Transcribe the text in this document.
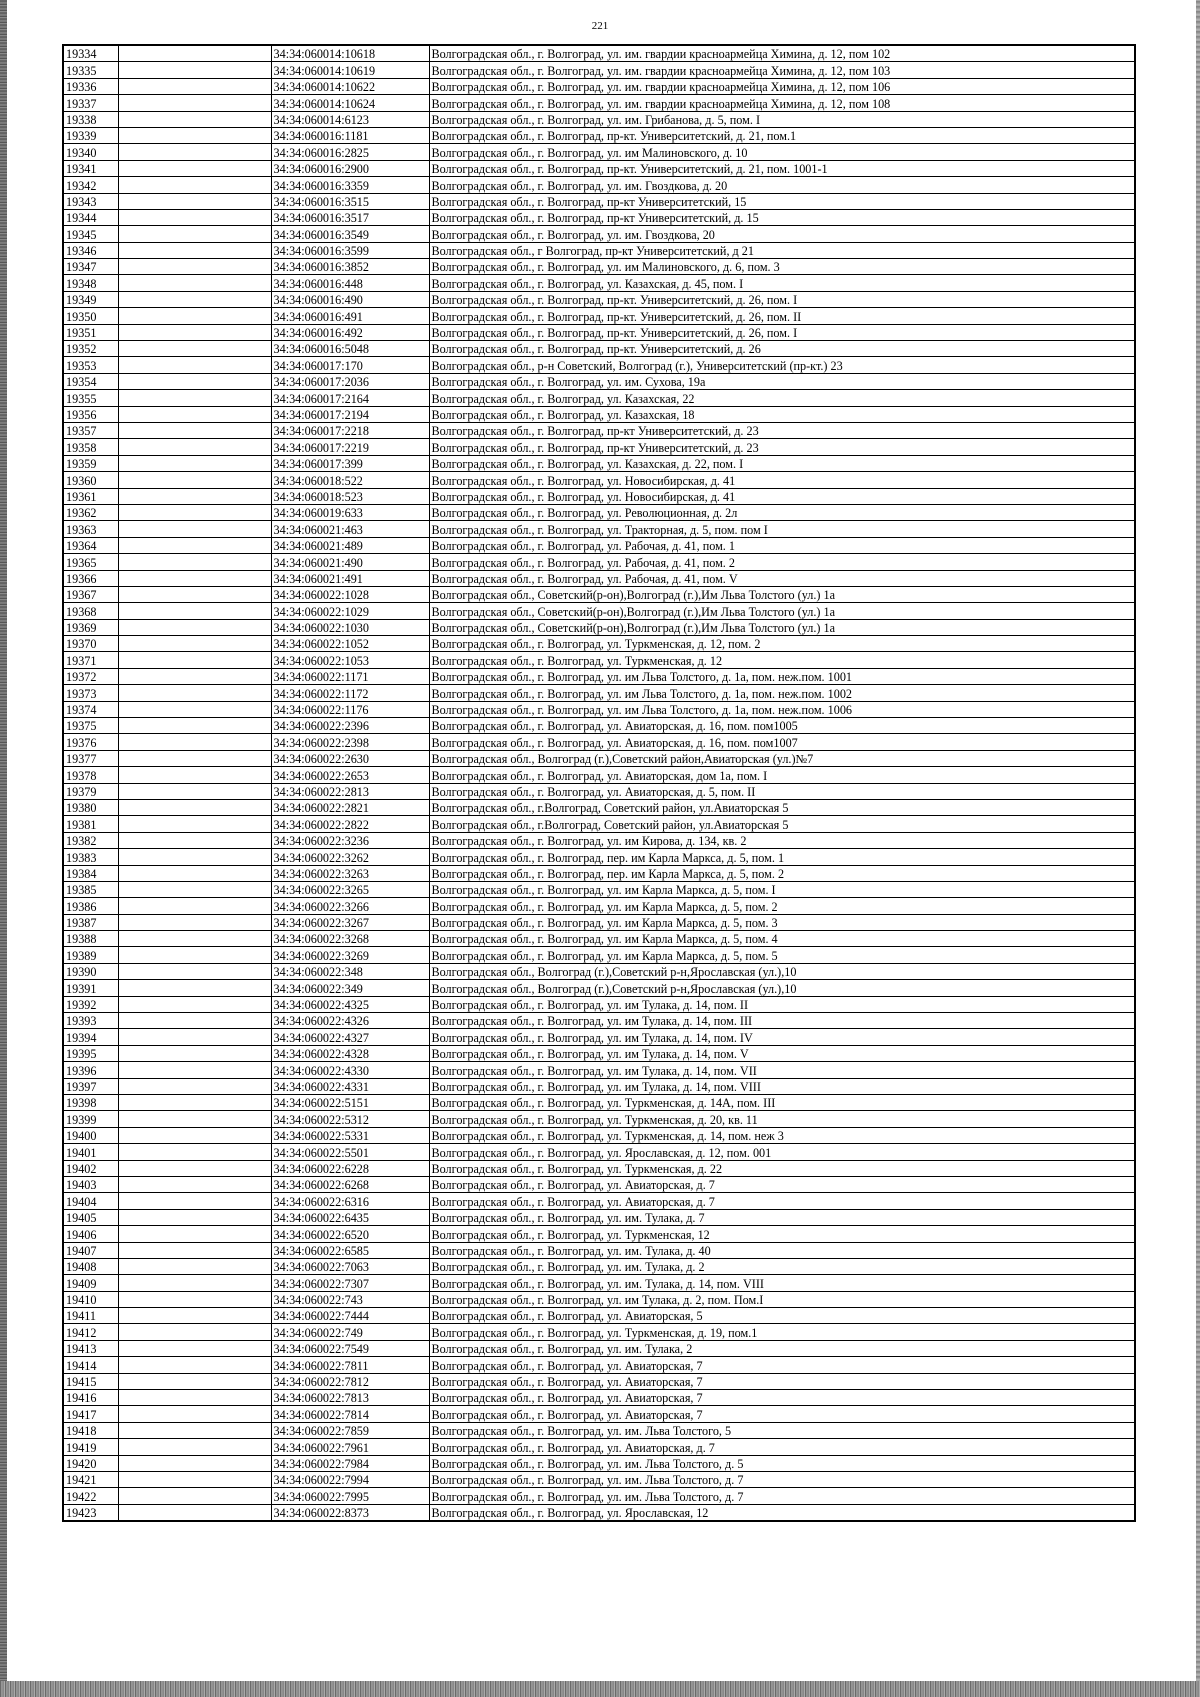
221
19334		34:34:060014:10618	Волгоградская обл., г. Волгоград, ул. им. гвардии красноармейца Химина, д. 12, пом 102
19335		34:34:060014:10619	Волгоградская обл., г. Волгоград, ул. им. гвардии красноармейца Химина, д. 12, пом 103
19336		34:34:060014:10622	Волгоградская обл., г. Волгоград, ул. им. гвардии красноармейца Химина, д. 12, пом 106
19337		34:34:060014:10624	Волгоградская обл., г. Волгоград, ул. им. гвардии красноармейца Химина, д. 12, пом 108
19338		34:34:060014:6123	Волгоградская обл., г. Волгоград, ул. им. Грибанова, д. 5, пом. I
19339		34:34:060016:1181	Волгоградская обл., г. Волгоград, пр-кт. Университетский, д. 21, пом.1
19340		34:34:060016:2825	Волгоградская обл., г. Волгоград, ул. им Малиновского, д. 10
19341		34:34:060016:2900	Волгоградская обл., г. Волгоград, пр-кт. Университетский, д. 21, пом. 1001-1
19342		34:34:060016:3359	Волгоградская обл., г. Волгоград, ул. им. Гвоздкова, д. 20
19343		34:34:060016:3515	Волгоградская обл., г. Волгоград, пр-кт Университетский, 15
19344		34:34:060016:3517	Волгоградская обл., г. Волгоград, пр-кт Университетский, д. 15
19345		34:34:060016:3549	Волгоградская обл., г. Волгоград, ул. им. Гвоздкова, 20
19346		34:34:060016:3599	Волгоградская обл., г Волгоград, пр-кт Университетский, д 21
19347		34:34:060016:3852	Волгоградская обл., г. Волгоград, ул. им Малиновского, д. 6, пом. 3
19348		34:34:060016:448	Волгоградская обл., г. Волгоград, ул. Казахская, д. 45, пом. I
19349		34:34:060016:490	Волгоградская обл., г. Волгоград, пр-кт. Университетский, д. 26, пом. I
19350		34:34:060016:491	Волгоградская обл., г. Волгоград, пр-кт. Университетский, д. 26, пом. II
19351		34:34:060016:492	Волгоградская обл., г. Волгоград, пр-кт. Университетский, д. 26, пом. I
19352		34:34:060016:5048	Волгоградская обл., г. Волгоград, пр-кт. Университетский, д. 26
19353		34:34:060017:170	Волгоградская обл., р-н Советский, Волгоград (г.), Университетский (пр-кт.) 23
19354		34:34:060017:2036	Волгоградская обл., г. Волгоград, ул. им. Сухова, 19а
19355		34:34:060017:2164	Волгоградская обл., г. Волгоград, ул. Казахская, 22
19356		34:34:060017:2194	Волгоградская обл., г. Волгоград, ул. Казахская, 18
19357		34:34:060017:2218	Волгоградская обл., г. Волгоград, пр-кт Университетский, д. 23
19358		34:34:060017:2219	Волгоградская обл., г. Волгоград, пр-кт Университетский, д. 23
19359		34:34:060017:399	Волгоградская обл., г. Волгоград, ул. Казахская, д. 22, пом. I
19360		34:34:060018:522	Волгоградская обл., г. Волгоград, ул. Новосибирская, д. 41
19361		34:34:060018:523	Волгоградская обл., г. Волгоград, ул. Новосибирская, д. 41
19362		34:34:060019:633	Волгоградская обл., г. Волгоград, ул. Революционная, д. 2л
19363		34:34:060021:463	Волгоградская обл., г. Волгоград, ул. Тракторная, д. 5, пом. пом I
19364		34:34:060021:489	Волгоградская обл., г. Волгоград, ул. Рабочая, д. 41, пом. 1
19365		34:34:060021:490	Волгоградская обл., г. Волгоград, ул. Рабочая, д. 41, пом. 2
19366		34:34:060021:491	Волгоградская обл., г. Волгоград, ул. Рабочая, д. 41, пом. V
19367		34:34:060022:1028	Волгоградская обл., Советский(р-он),Волгоград (г.),Им Льва Толстого (ул.) 1а
19368		34:34:060022:1029	Волгоградская обл., Советский(р-он),Волгоград (г.),Им Льва Толстого (ул.) 1а
19369		34:34:060022:1030	Волгоградская обл., Советский(р-он),Волгоград (г.),Им Льва Толстого (ул.) 1а
19370		34:34:060022:1052	Волгоградская обл., г. Волгоград, ул. Туркменская, д. 12, пом. 2
19371		34:34:060022:1053	Волгоградская обл., г. Волгоград, ул. Туркменская, д. 12
19372		34:34:060022:1171	Волгоградская обл., г. Волгоград, ул. им Льва Толстого, д. 1а, пом. неж.пом. 1001
19373		34:34:060022:1172	Волгоградская обл., г. Волгоград, ул. им Льва Толстого, д. 1а, пом. неж.пом. 1002
19374		34:34:060022:1176	Волгоградская обл., г. Волгоград, ул. им Льва Толстого, д. 1а, пом. неж.пом. 1006
19375		34:34:060022:2396	Волгоградская обл., г. Волгоград, ул. Авиаторская, д. 16, пом. пом1005
19376		34:34:060022:2398	Волгоградская обл., г. Волгоград, ул. Авиаторская, д. 16, пом. пом1007
19377		34:34:060022:2630	Волгоградская обл., Волгоград (г.),Советский район,Авиаторская (ул.)№7
19378		34:34:060022:2653	Волгоградская обл., г. Волгоград, ул. Авиаторская, дом 1а, пом. I
19379		34:34:060022:2813	Волгоградская обл., г. Волгоград, ул. Авиаторская, д. 5, пом. II
19380		34:34:060022:2821	Волгоградская обл., г.Волгоград, Советский район, ул.Авиаторская 5
19381		34:34:060022:2822	Волгоградская обл., г.Волгоград, Советский район, ул.Авиаторская 5
19382		34:34:060022:3236	Волгоградская обл., г. Волгоград, ул. им Кирова, д. 134, кв. 2
19383		34:34:060022:3262	Волгоградская обл., г. Волгоград, пер. им Карла Маркса, д. 5, пом. 1
19384		34:34:060022:3263	Волгоградская обл., г. Волгоград, пер. им Карла Маркса, д. 5, пом. 2
19385		34:34:060022:3265	Волгоградская обл., г. Волгоград, ул. им Карла Маркса, д. 5, пом. I
19386		34:34:060022:3266	Волгоградская обл., г. Волгоград, ул. им Карла Маркса, д. 5, пом. 2
19387		34:34:060022:3267	Волгоградская обл., г. Волгоград, ул. им Карла Маркса, д. 5, пом. 3
19388		34:34:060022:3268	Волгоградская обл., г. Волгоград, ул. им Карла Маркса, д. 5, пом. 4
19389		34:34:060022:3269	Волгоградская обл., г. Волгоград, ул. им Карла Маркса, д. 5, пом. 5
19390		34:34:060022:348	Волгоградская обл., Волгоград (г.),Советский р-н,Ярославская (ул.),10
19391		34:34:060022:349	Волгоградская обл., Волгоград (г.),Советский р-н,Ярославская (ул.),10
19392		34:34:060022:4325	Волгоградская обл., г. Волгоград, ул. им Тулака, д. 14, пом. II
19393		34:34:060022:4326	Волгоградская обл., г. Волгоград, ул. им Тулака, д. 14, пом. III
19394		34:34:060022:4327	Волгоградская обл., г. Волгоград, ул. им Тулака, д. 14, пом. IV
19395		34:34:060022:4328	Волгоградская обл., г. Волгоград, ул. им Тулака, д. 14, пом. V
19396		34:34:060022:4330	Волгоградская обл., г. Волгоград, ул. им Тулака, д. 14, пом. VII
19397		34:34:060022:4331	Волгоградская обл., г. Волгоград, ул. им Тулака, д. 14, пом. VIII
19398		34:34:060022:5151	Волгоградская обл., г. Волгоград, ул. Туркменская, д. 14А, пом. III
19399		34:34:060022:5312	Волгоградская обл., г. Волгоград, ул. Туркменская, д. 20, кв. 11
19400		34:34:060022:5331	Волгоградская обл., г. Волгоград, ул. Туркменская, д. 14, пом. неж 3
19401		34:34:060022:5501	Волгоградская обл., г. Волгоград, ул. Ярославская, д. 12, пом. 001
19402		34:34:060022:6228	Волгоградская обл., г. Волгоград, ул. Туркменская, д. 22
19403		34:34:060022:6268	Волгоградская обл., г. Волгоград, ул. Авиаторская, д. 7
19404		34:34:060022:6316	Волгоградская обл., г. Волгоград, ул. Авиаторская, д. 7
19405		34:34:060022:6435	Волгоградская обл., г. Волгоград, ул. им. Тулака, д. 7
19406		34:34:060022:6520	Волгоградская обл., г. Волгоград, ул. Туркменская, 12
19407		34:34:060022:6585	Волгоградская обл., г. Волгоград, ул. им. Тулака, д. 40
19408		34:34:060022:7063	Волгоградская обл., г. Волгоград, ул. им. Тулака, д. 2
19409		34:34:060022:7307	Волгоградская обл., г. Волгоград, ул. им. Тулака, д. 14, пом. VIII
19410		34:34:060022:743	Волгоградская обл., г. Волгоград, ул. им Тулака, д. 2, пом. Пом.I
19411		34:34:060022:7444	Волгоградская обл., г. Волгоград, ул. Авиаторская, 5
19412		34:34:060022:749	Волгоградская обл., г. Волгоград, ул. Туркменская, д. 19, пом.1
19413		34:34:060022:7549	Волгоградская обл., г. Волгоград, ул. им. Тулака, 2
19414		34:34:060022:7811	Волгоградская обл., г. Волгоград, ул. Авиаторская, 7
19415		34:34:060022:7812	Волгоградская обл., г. Волгоград, ул. Авиаторская, 7
19416		34:34:060022:7813	Волгоградская обл., г. Волгоград, ул. Авиаторская, 7
19417		34:34:060022:7814	Волгоградская обл., г. Волгоград, ул. Авиаторская, 7
19418		34:34:060022:7859	Волгоградская обл., г. Волгоград, ул. им. Льва Толстого, 5
19419		34:34:060022:7961	Волгоградская обл., г. Волгоград, ул. Авиаторская, д. 7
19420		34:34:060022:7984	Волгоградская обл., г. Волгоград, ул. им. Льва Толстого, д. 5
19421		34:34:060022:7994	Волгоградская обл., г. Волгоград, ул. им. Льва Толстого, д. 7
19422		34:34:060022:7995	Волгоградская обл., г. Волгоград, ул. им. Льва Толстого, д. 7
19423		34:34:060022:8373	Волгоградская обл., г. Волгоград, ул. Ярославская, 12
